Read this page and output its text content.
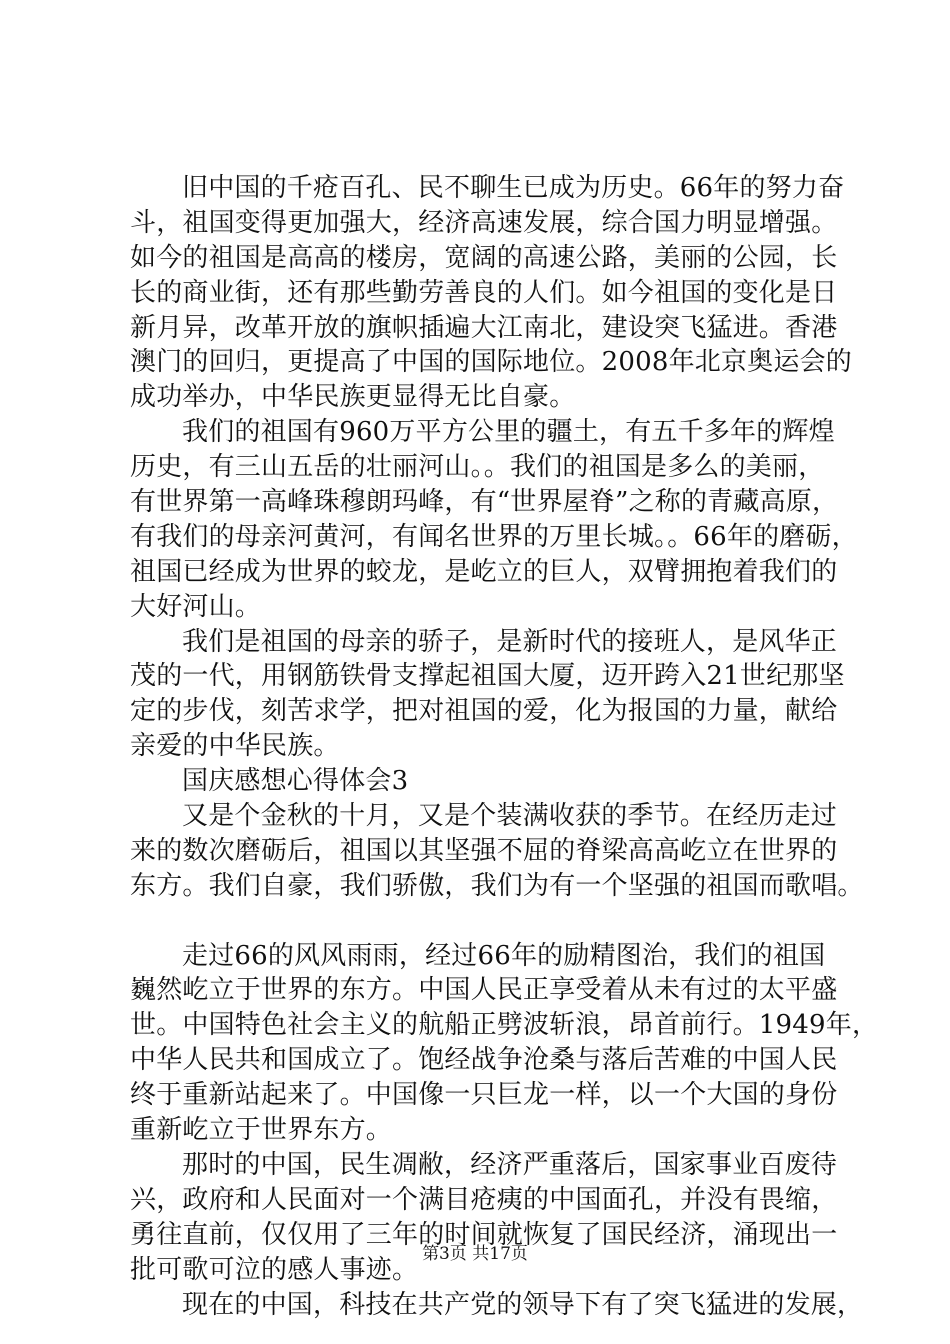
旧中国的千疮百孔、民不聊生已成为历史。66年的努力奋
斗，祖国变得更加强大，经济高速发展，综合国力明显增强。
如今的祖国是高高的楼房，宽阔的高速公路，美丽的公园，长
长的商业街，还有那些勤劳善良的人们。如今祖国的变化是日
新月异，改革开放的旗帜插遍大江南北，建设突飞猛进。香港
澳门的回归，更提高了中国的国际地位。2008年北京奥运会的
成功举办，中华民族更显得无比自豪。
我们的祖国有960万平方公里的疆土，有五千多年的辉煌
历史，有三山五岳的壮丽河山。。我们的祖国是多么的美丽，
有世界第一高峰珠穆朗玛峰，有“世界屋脊”之称的青藏高原，
有我们的母亲河黄河，有闻名世界的万里长城。。66年的磨砺，
祖国已经成为世界的蛟龙，是屹立的巨人，双臂拥抱着我们的
大好河山。
我们是祖国的母亲的骄子，是新时代的接班人，是风华正
茂的一代，用钢筋铁骨支撑起祖国大厦，迈开跨入21世纪那坚
定的步伐，刻苦求学，把对祖国的爱，化为报国的力量，献给
亲爱的中华民族。
国庆感想心得体会3
又是个金秋的十月，又是个装满收获的季节。在经历走过
来的数次磨砺后，祖国以其坚强不屈的脊梁高高屹立在世界的
东方。我们自豪，我们骄傲，我们为有一个坚强的祖国而歌唱。
走过66的风风雨雨，经过66年的励精图治，我们的祖国
巍然屹立于世界的东方。中国人民正享受着从未有过的太平盛
世。中国特色社会主义的航船正劈波斩浪，昂首前行。1949年，
中华人民共和国成立了。饱经战争沧桑与落后苦难的中国人民
终于重新站起来了。中国像一只巨龙一样，以一个大国的身份
重新屹立于世界东方。
那时的中国，民生凋敝，经济严重落后，国家事业百废待
兴，政府和人民面对一个满目疮痍的中国面孔，并没有畏缩，
勇往直前，仅仅用了三年的时间就恢复了国民经济，涌现出一
批可歌可泣的感人事迹。
现在的中国，科技在共产党的领导下有了突飞猛进的发展，
第3页 共17页
